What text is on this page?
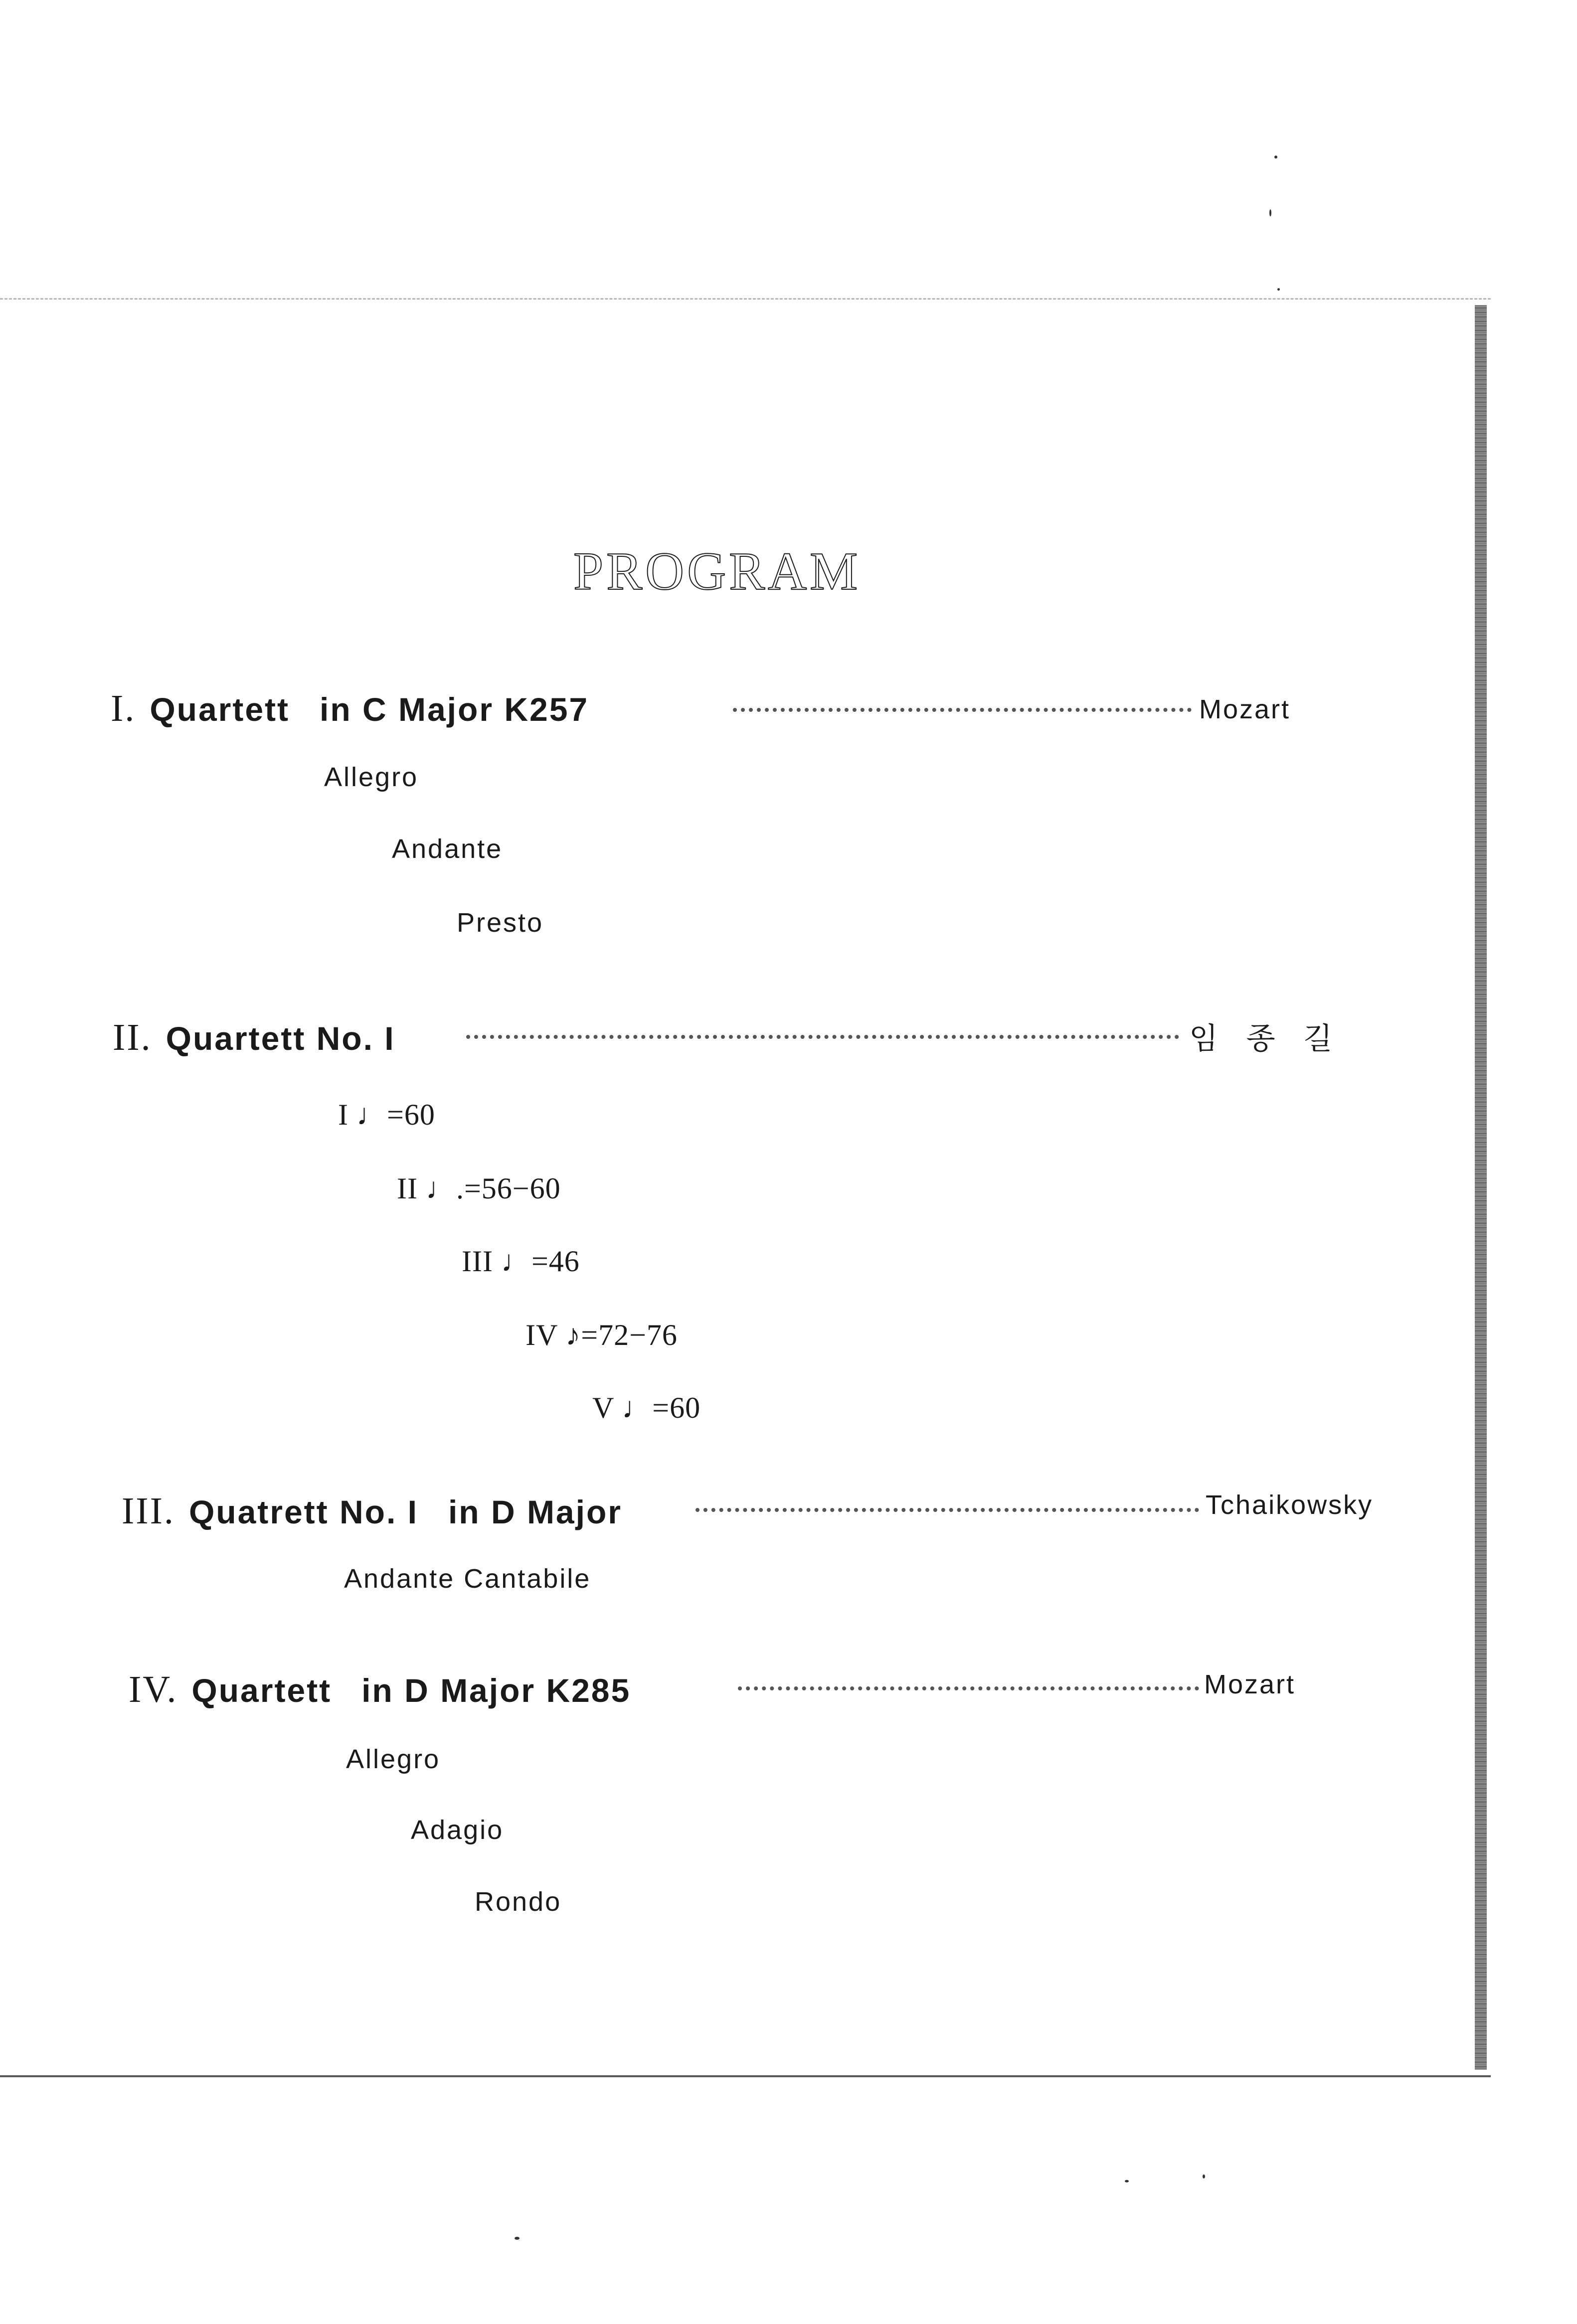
PROGRAM
I. Quartett in C Major K257	Mozart
Allegro
Andante
Presto
II. Quartett No. I	임 종 길
I ♩=60
II ♩.=56−60
III ♩=46
IV ♪=72−76
V ♩=60
III. Quatrett No. I in D Major	Tchaikowsky
Andante Cantabile
IV. Quartett in D Major K285	Mozart
Allegro
Adagio
Rondo
